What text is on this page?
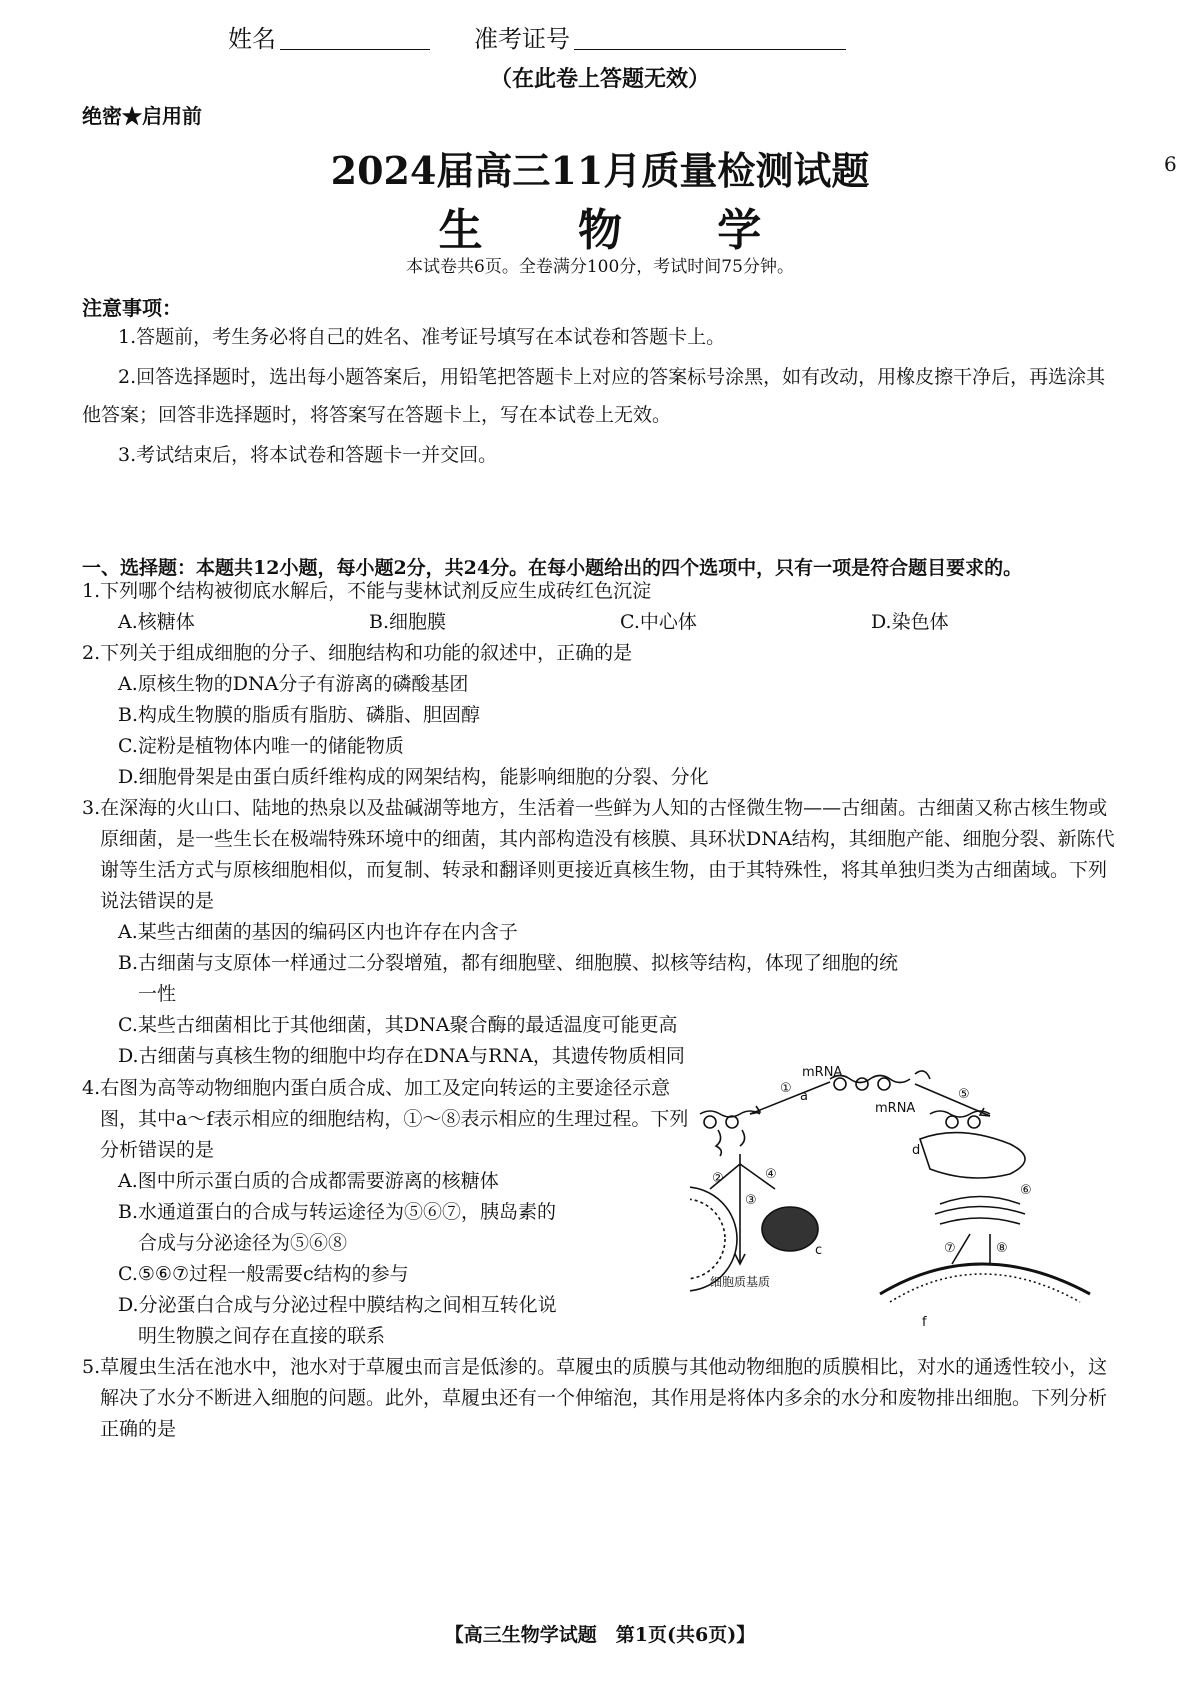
姓名	准考证号
（在此卷上答题无效）
绝密★启用前
2024届高三11月质量检测试题	6
生 物 学
本试卷共6页。全卷满分100分，考试时间75分钟。
注意事项：
1.答题前，考生务必将自己的姓名、准考证号填写在本试卷和答题卡上。
2.回答选择题时，选出每小题答案后，用铅笔把答题卡上对应的答案标号涂黑，如有改动，用橡皮擦干净后，再选涂其他答案；回答非选择题时，将答案写在答题卡上，写在本试卷上无效。
3.考试结束后，将本试卷和答题卡一并交回。
一、选择题：本题共12小题，每小题2分，共24分。在每小题给出的四个选项中，只有一项是符合题目要求的。
1.下列哪个结构被彻底水解后，不能与斐林试剂反应生成砖红色沉淀
A.核糖体	B.细胞膜	C.中心体	D.染色体
2.下列关于组成细胞的分子、细胞结构和功能的叙述中，正确的是
A.原核生物的DNA分子有游离的磷酸基团
B.构成生物膜的脂质有脂肪、磷脂、胆固醇
C.淀粉是植物体内唯一的储能物质
D.细胞骨架是由蛋白质纤维构成的网架结构，能影响细胞的分裂、分化
3.在深海的火山口、陆地的热泉以及盐碱湖等地方，生活着一些鲜为人知的古怪微生物——古细菌。古细菌又称古核生物或原细菌，是一些生长在极端特殊环境中的细菌，其内部构造没有核膜、具环状DNA结构，其细胞产能、细胞分裂、新陈代谢等生活方式与原核细胞相似，而复制、转录和翻译则更接近真核生物，由于其特殊性，将其单独归类为古细菌域。下列说法错误的是
A.某些古细菌的基因的编码区内也许存在内含子
B.古细菌与支原体一样通过二分裂增殖，都有细胞壁、细胞膜、拟核等结构，体现了细胞的统
一性
C.某些古细菌相比于其他细菌，其DNA聚合酶的最适温度可能更高
D.古细菌与真核生物的细胞中均存在DNA与RNA，其遗传物质相同
4.右图为高等动物细胞内蛋白质合成、加工及定向转运的主要途径示意图，其中a～f表示相应的细胞结构，①～⑧表示相应的生理过程。下列分析错误的是
A.图中所示蛋白质的合成都需要游离的核糖体
B.水通道蛋白的合成与转运途径为⑤⑥⑦，胰岛素的
合成与分泌途径为⑤⑥⑧
C.⑤⑥⑦过程一般需要c结构的参与
D.分泌蛋白合成与分泌过程中膜结构之间相互转化说
明生物膜之间存在直接的联系
mRNA
mRNA
a
c
d
f
细胞质基质
①
②
③
④
⑤
⑥
⑦	⑧
5.草履虫生活在池水中，池水对于草履虫而言是低渗的。草履虫的质膜与其他动物细胞的质膜相比，对水的通透性较小，这解决了水分不断进入细胞的问题。此外，草履虫还有一个伸缩泡，其作用是将体内多余的水分和废物排出细胞。下列分析正确的是
【高三生物学试题　第1页(共6页)】
